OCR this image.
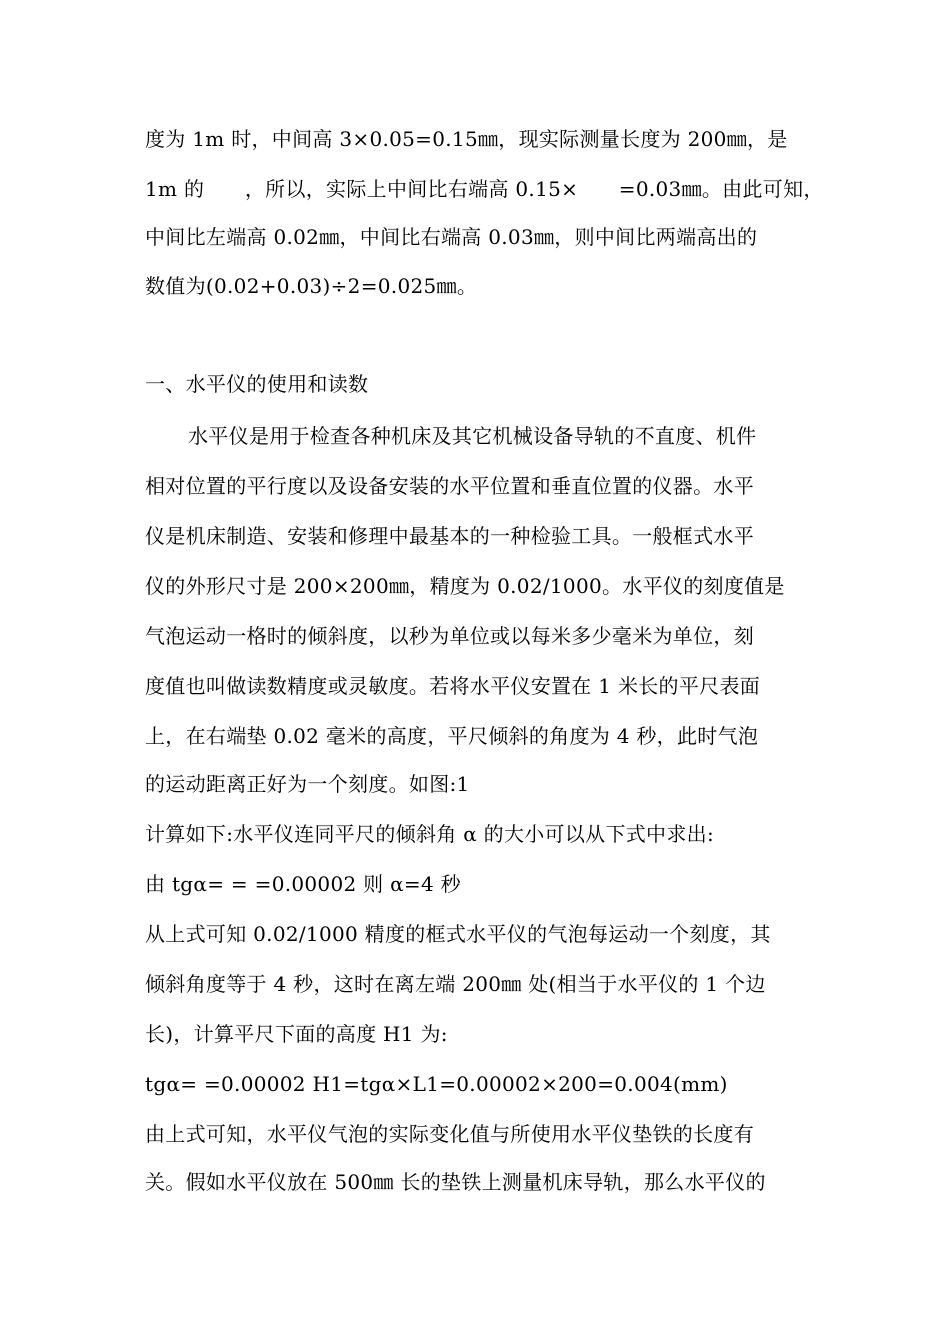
度为 1m 时，中间高 3×0.05=0.15㎜，现实际测量长度为 200㎜，是
1m 的　　，所以，实际上中间比右端高 0.15×　　=0.03㎜。由此可知，
中间比左端高 0.02㎜，中间比右端高 0.03㎜，则中间比两端高出的
数值为(0.02+0.03)÷2=0.025㎜。
一、水平仪的使用和读数
水平仪是用于检查各种机床及其它机械设备导轨的不直度、机件
相对位置的平行度以及设备安装的水平位置和垂直位置的仪器。水平
仪是机床制造、安装和修理中最基本的一种检验工具。一般框式水平
仪的外形尺寸是 200×200㎜，精度为 0.02/1000。水平仪的刻度值是
气泡运动一格时的倾斜度，以秒为单位或以每米多少毫米为单位，刻
度值也叫做读数精度或灵敏度。若将水平仪安置在 1 米长的平尺表面
上，在右端垫 0.02 毫米的高度，平尺倾斜的角度为 4 秒，此时气泡
的运动距离正好为一个刻度。如图:1
计算如下:水平仪连同平尺的倾斜角 α 的大小可以从下式中求出:
由 tgα= = =0.00002 则 α=4 秒
从上式可知 0.02/1000 精度的框式水平仪的气泡每运动一个刻度，其
倾斜角度等于 4 秒，这时在离左端 200㎜ 处(相当于水平仪的 1 个边
长)，计算平尺下面的高度 H1 为:
tgα= =0.00002 H1=tgα×L1=0.00002×200=0.004(mm)
由上式可知，水平仪气泡的实际变化值与所使用水平仪垫铁的长度有
关。假如水平仪放在 500㎜ 长的垫铁上测量机床导轨，那么水平仪的
